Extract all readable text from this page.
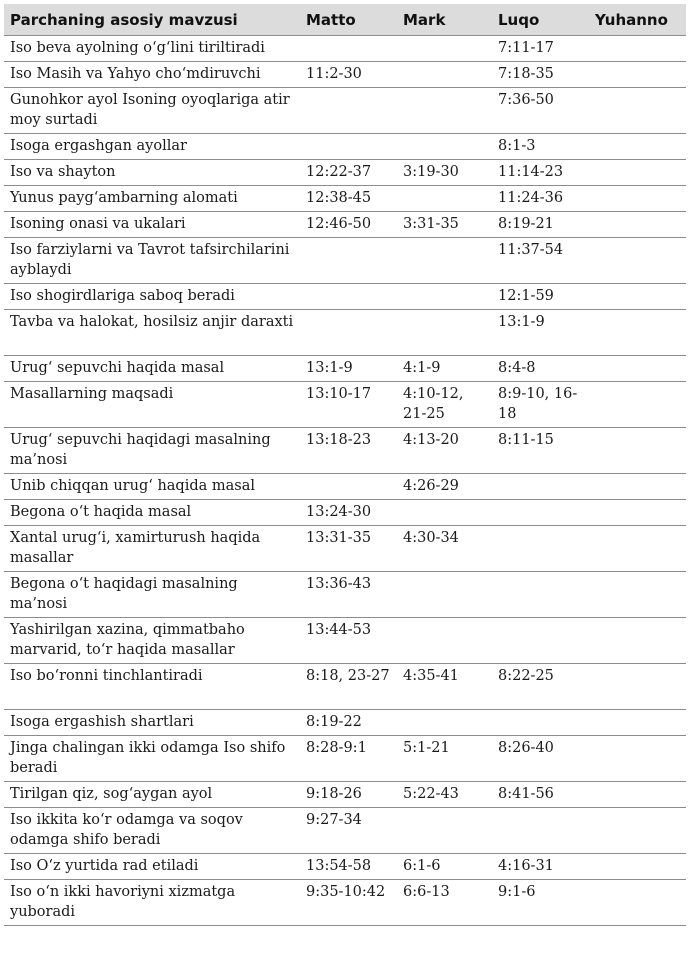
Parchaning asosiy mavzusi	Matto	Mark	Luqo	Yuhanno
Iso beva ayolning o‘g‘lini tiriltiradi			7:11-17	
Iso Masih va Yahyo cho‘mdiruvchi	11:2-30		7:18-35	
Gunohkor ayol Isoning oyoqlariga atir moy surtadi			7:36-50	
Isoga ergashgan ayollar			8:1-3	
Iso va shayton	12:22-37	3:19-30	11:14-23	
Yunus payg‘ambarning alomati	12:38-45		11:24-36	
Isoning onasi va ukalari	12:46-50	3:31-35	8:19-21	
Iso farziylarni va Tavrot tafsirchilarini ayblaydi			11:37-54	
Iso shogirdlariga saboq beradi			12:1-59	
Tavba va halokat, hosilsiz anjir daraxti			13:1-9	
Urug‘ sepuvchi haqida masal	13:1-9	4:1-9	8:4-8	
Masallarning maqsadi	13:10-17	4:10-12, 21-25	8:9-10, 16-18	
Urug‘ sepuvchi haqidagi masalning ma’nosi	13:18-23	4:13-20	8:11-15	
Unib chiqqan urug‘ haqida masal		4:26-29		
Begona o‘t haqida masal	13:24-30			
Xantal urug‘i, xamirturush haqida masallar	13:31-35	4:30-34		
Begona o‘t haqidagi masalning ma’nosi	13:36-43			
Yashirilgan xazina, qimmatbaho marvarid, to‘r haqida masallar	13:44-53			
Iso bo‘ronni tinchlantiradi	8:18, 23-27	4:35-41	8:22-25	
Isoga ergashish shartlari	8:19-22			
Jinga chalingan ikki odamga Iso shifo beradi	8:28-9:1	5:1-21	8:26-40	
Tirilgan qiz, sog‘aygan ayol	9:18-26	5:22-43	8:41-56	
Iso ikkita ko‘r odamga va soqov odamga shifo beradi	9:27-34			
Iso O‘z yurtida rad etiladi	13:54-58	6:1-6	4:16-31	
Iso o‘n ikki havoriyni xizmatga yuboradi	9:35-10:42	6:6-13	9:1-6	
